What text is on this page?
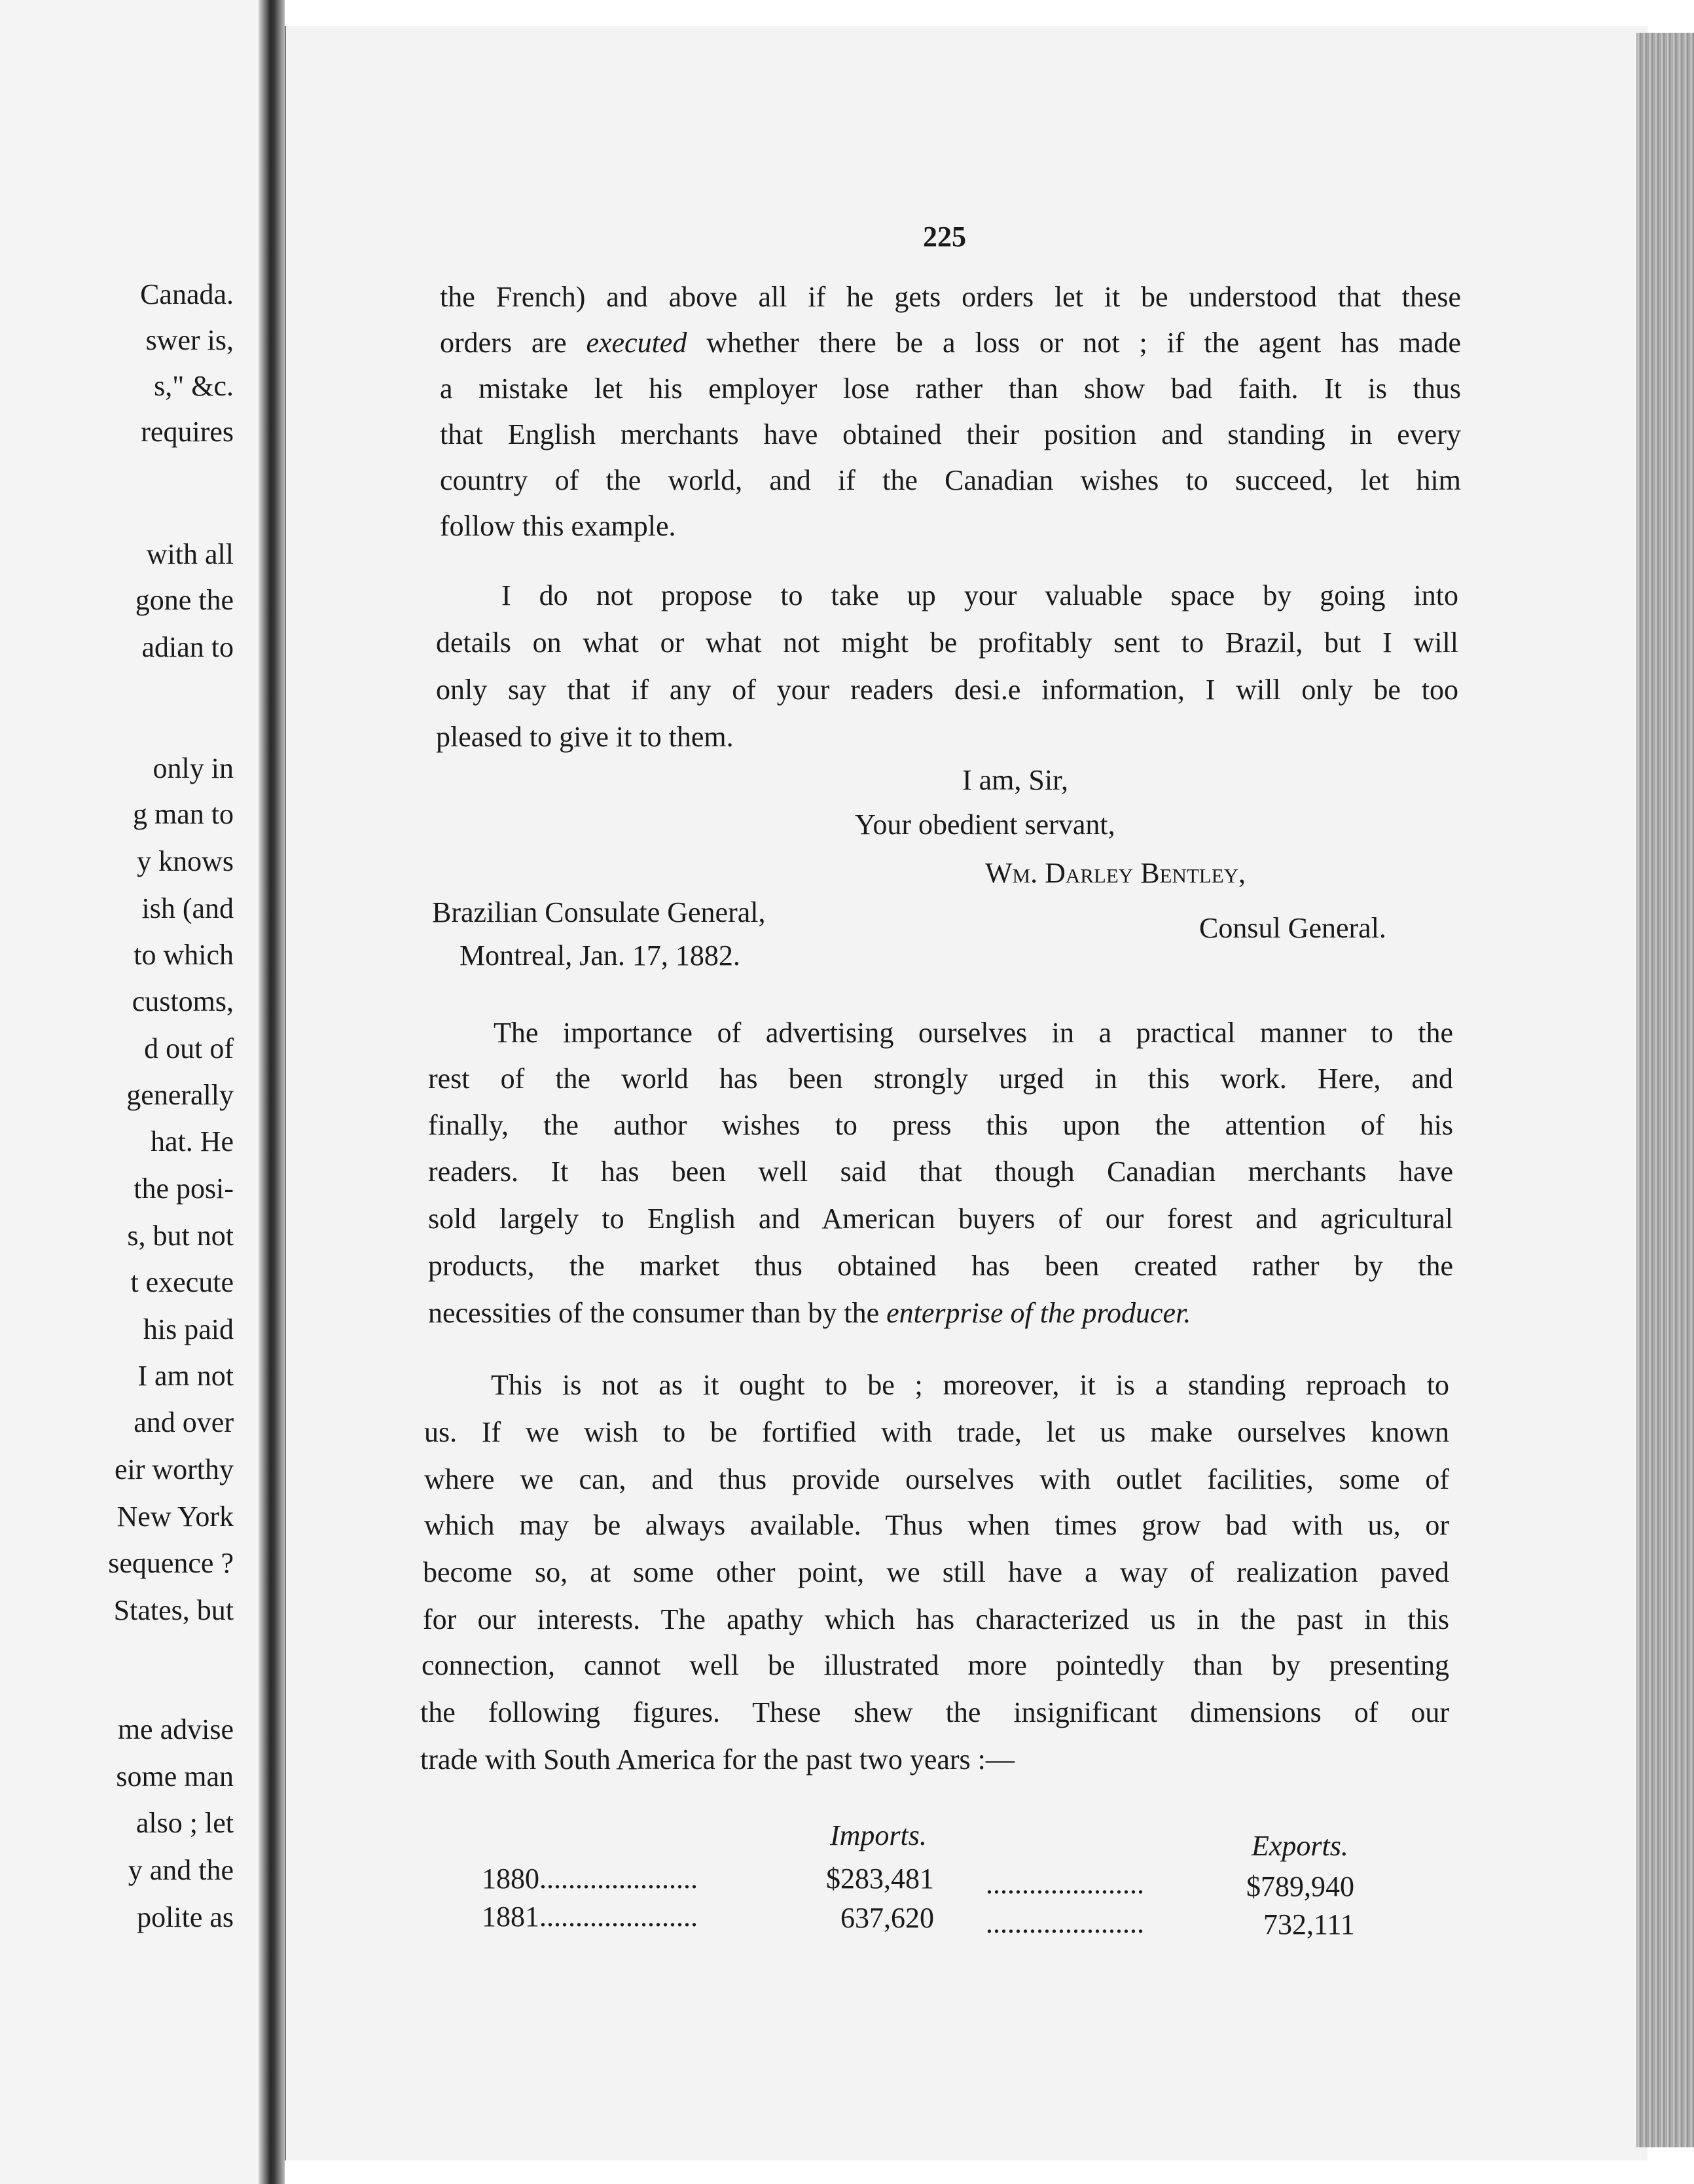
Canada.
swer is,
s," &c.
requires
with all
gone the
adian to
only in
g man to
y knows
ish (and
to which
customs,
d out of
generally
hat. He
the posi-
s, but not
t execute
his paid
I am not
and over
eir worthy
New York
sequence ?
States, but
me advise
some man
also ; let
y and the
polite as
225
the French) and above all if he gets orders let it be understood that these
orders are executed whether there be a loss or not ; if the agent has made
a mistake let his employer lose rather than show bad faith. It is thus
that English merchants have obtained their position and standing in every
country of the world, and if the Canadian wishes to succeed, let him
follow this example.
I do not propose to take up your valuable space by going into
details on what or what not might be profitably sent to Brazil, but I will
only say that if any of your readers desi.e information, I will only be too
pleased to give it to them.
I am, Sir,
Your obedient servant,
Wm. Darley Bentley,
Brazilian Consulate General,	Consul General.
Montreal, Jan. 17, 1882.
The importance of advertising ourselves in a practical manner to the
rest of the world has been strongly urged in this work. Here, and
finally, the author wishes to press this upon the attention of his
readers. It has been well said that though Canadian merchants have
sold largely to English and American buyers of our forest and agricultural
products, the market thus obtained has been created rather by the
necessities of the consumer than by the enterprise of the producer.
This is not as it ought to be ; moreover, it is a standing reproach to
us. If we wish to be fortified with trade, let us make ourselves known
where we can, and thus provide ourselves with outlet facilities, some of
which may be always available. Thus when times grow bad with us, or
become so, at some other point, we still have a way of realization paved
for our interests. The apathy which has characterized us in the past in this
connection, cannot well be illustrated more pointedly than by presenting
the following figures. These shew the insignificant dimensions of our
trade with South America for the past two years :—
Imports.	Exports.
1880......................	$283,481 ......................	$789,940
1881......................	637,620 ......................	732,111
